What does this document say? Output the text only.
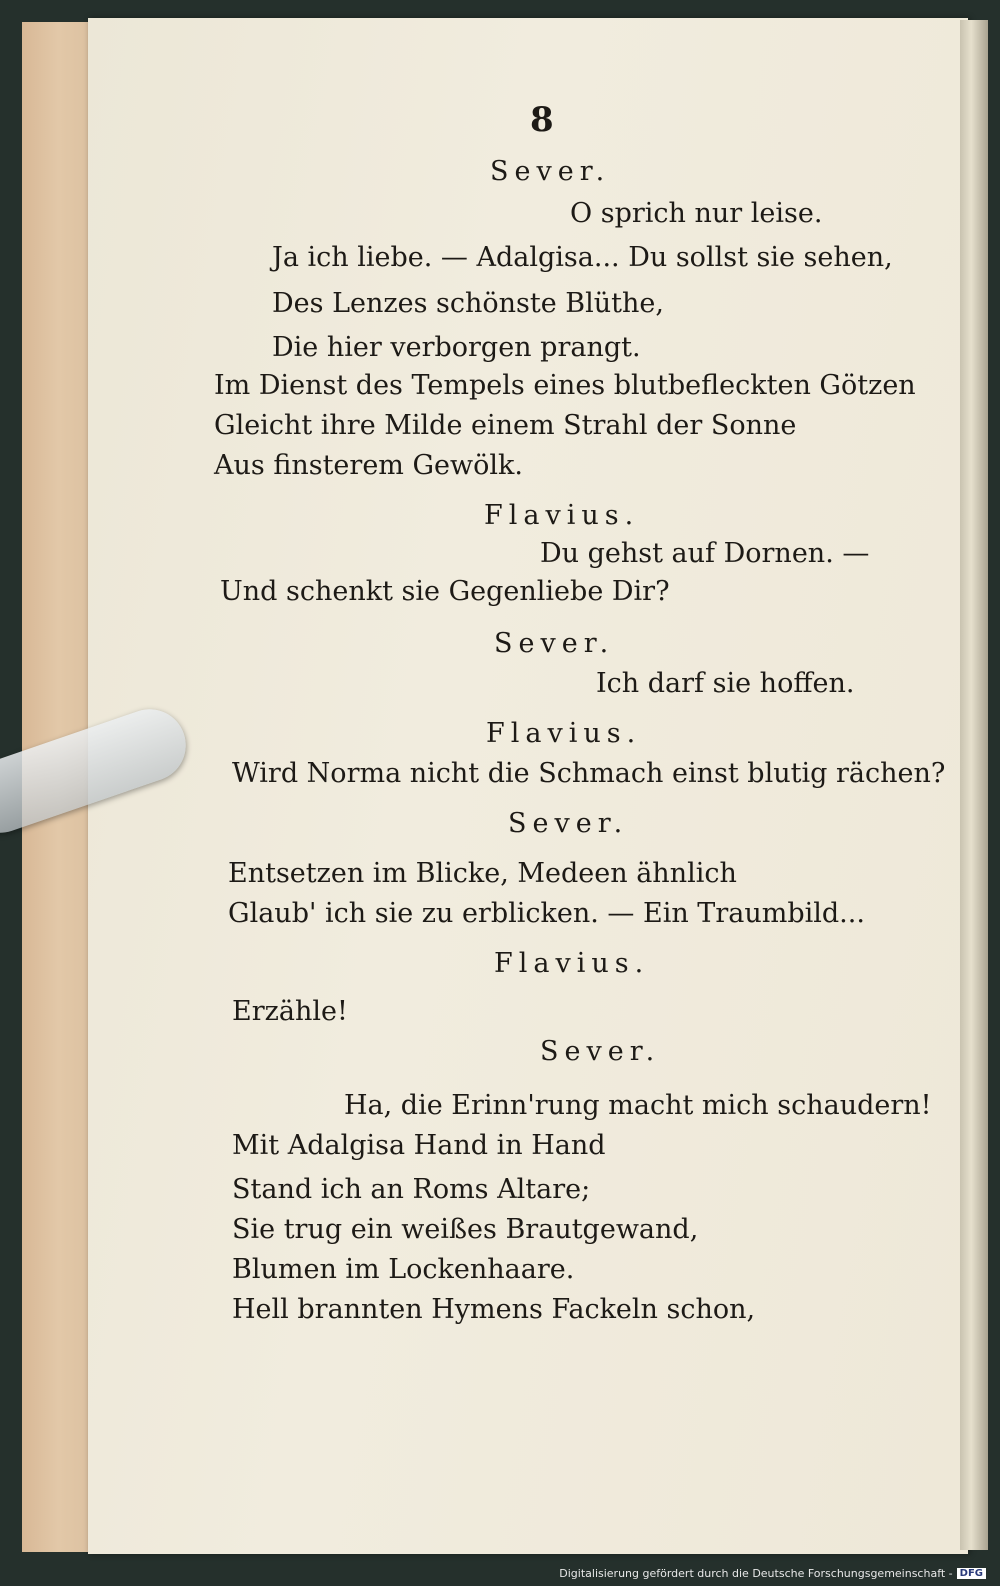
8
Sever.
O sprich nur leise.
Ja ich liebe. — Adalgisa... Du sollst sie sehen,
Des Lenzes schönste Blüthe,
Die hier verborgen prangt.
Im Dienst des Tempels eines blutbefleckten Götzen
Gleicht ihre Milde einem Strahl der Sonne
Aus finsterem Gewölk.
Flavius.
Du gehst auf Dornen. —
Und schenkt sie Gegenliebe Dir?
Sever.
Ich darf sie hoffen.
Flavius.
Wird Norma nicht die Schmach einst blutig rächen?
Sever.
Entsetzen im Blicke, Medeen ähnlich
Glaub' ich sie zu erblicken. — Ein Traumbild...
Flavius.
Erzähle!
Sever.
Ha, die Erinn'rung macht mich schaudern!
Mit Adalgisa Hand in Hand
Stand ich an Roms Altare;
Sie trug ein weißes Brautgewand,
Blumen im Lockenhaare.
Hell brannten Hymens Fackeln schon,
Digitalisierung gefördert durch die Deutsche Forschungsgemeinschaft - DFG
